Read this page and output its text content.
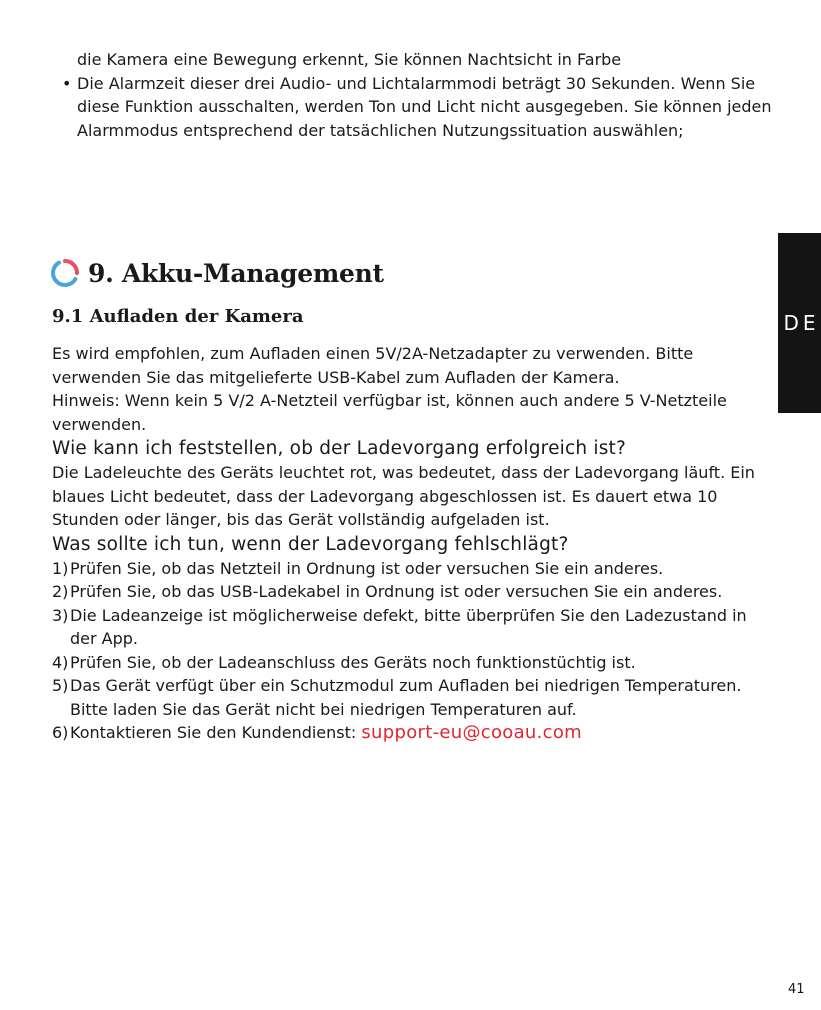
die Kamera eine Bewegung erkennt, Sie können Nachtsicht in Farbe

• Die Alarmzeit dieser drei Audio- und Lichtalarmmodi beträgt 30 Sekunden. Wenn Sie diese Funktion ausschalten, werden Ton und Licht nicht ausgegeben. Sie können jeden Alarmmodus entsprechend der tatsächlichen Nutzungssituation auswählen;

9. Akku-Management
9.1 Aufladen der Kamera

Es wird empfohlen, zum Aufladen einen 5V/2A-Netzadapter zu verwenden. Bitte verwenden Sie das mitgelieferte USB-Kabel zum Aufladen der Kamera.

Hinweis: Wenn kein 5 V/2 A-Netzteil verfügbar ist, können auch andere 5 V-Netzteile verwenden.

Wie kann ich feststellen, ob der Ladevorgang erfolgreich ist?

Die Ladeleuchte des Geräts leuchtet rot, was bedeutet, dass der Ladevorgang läuft. Ein blaues Licht bedeutet, dass der Ladevorgang abgeschlossen ist. Es dauert etwa 10 Stunden oder länger, bis das Gerät vollständig aufgeladen ist.

Was sollte ich tun, wenn der Ladevorgang fehlschlägt?

1) Prüfen Sie, ob das Netzteil in Ordnung ist oder versuchen Sie ein anderes.

2) Prüfen Sie, ob das USB-Ladekabel in Ordnung ist oder versuchen Sie ein anderes.

3) Die Ladeanzeige ist möglicherweise defekt, bitte überprüfen Sie den Ladezustand in der App.

4) Prüfen Sie, ob der Ladeanschluss des Geräts noch funktionstüchtig ist.

5) Das Gerät verfügt über ein Schutzmodul zum Aufladen bei niedrigen Temperaturen. Bitte laden Sie das Gerät nicht bei niedrigen Temperaturen auf.

6) Kontaktieren Sie den Kundendienst: support-eu@cooau.com

DE
41
